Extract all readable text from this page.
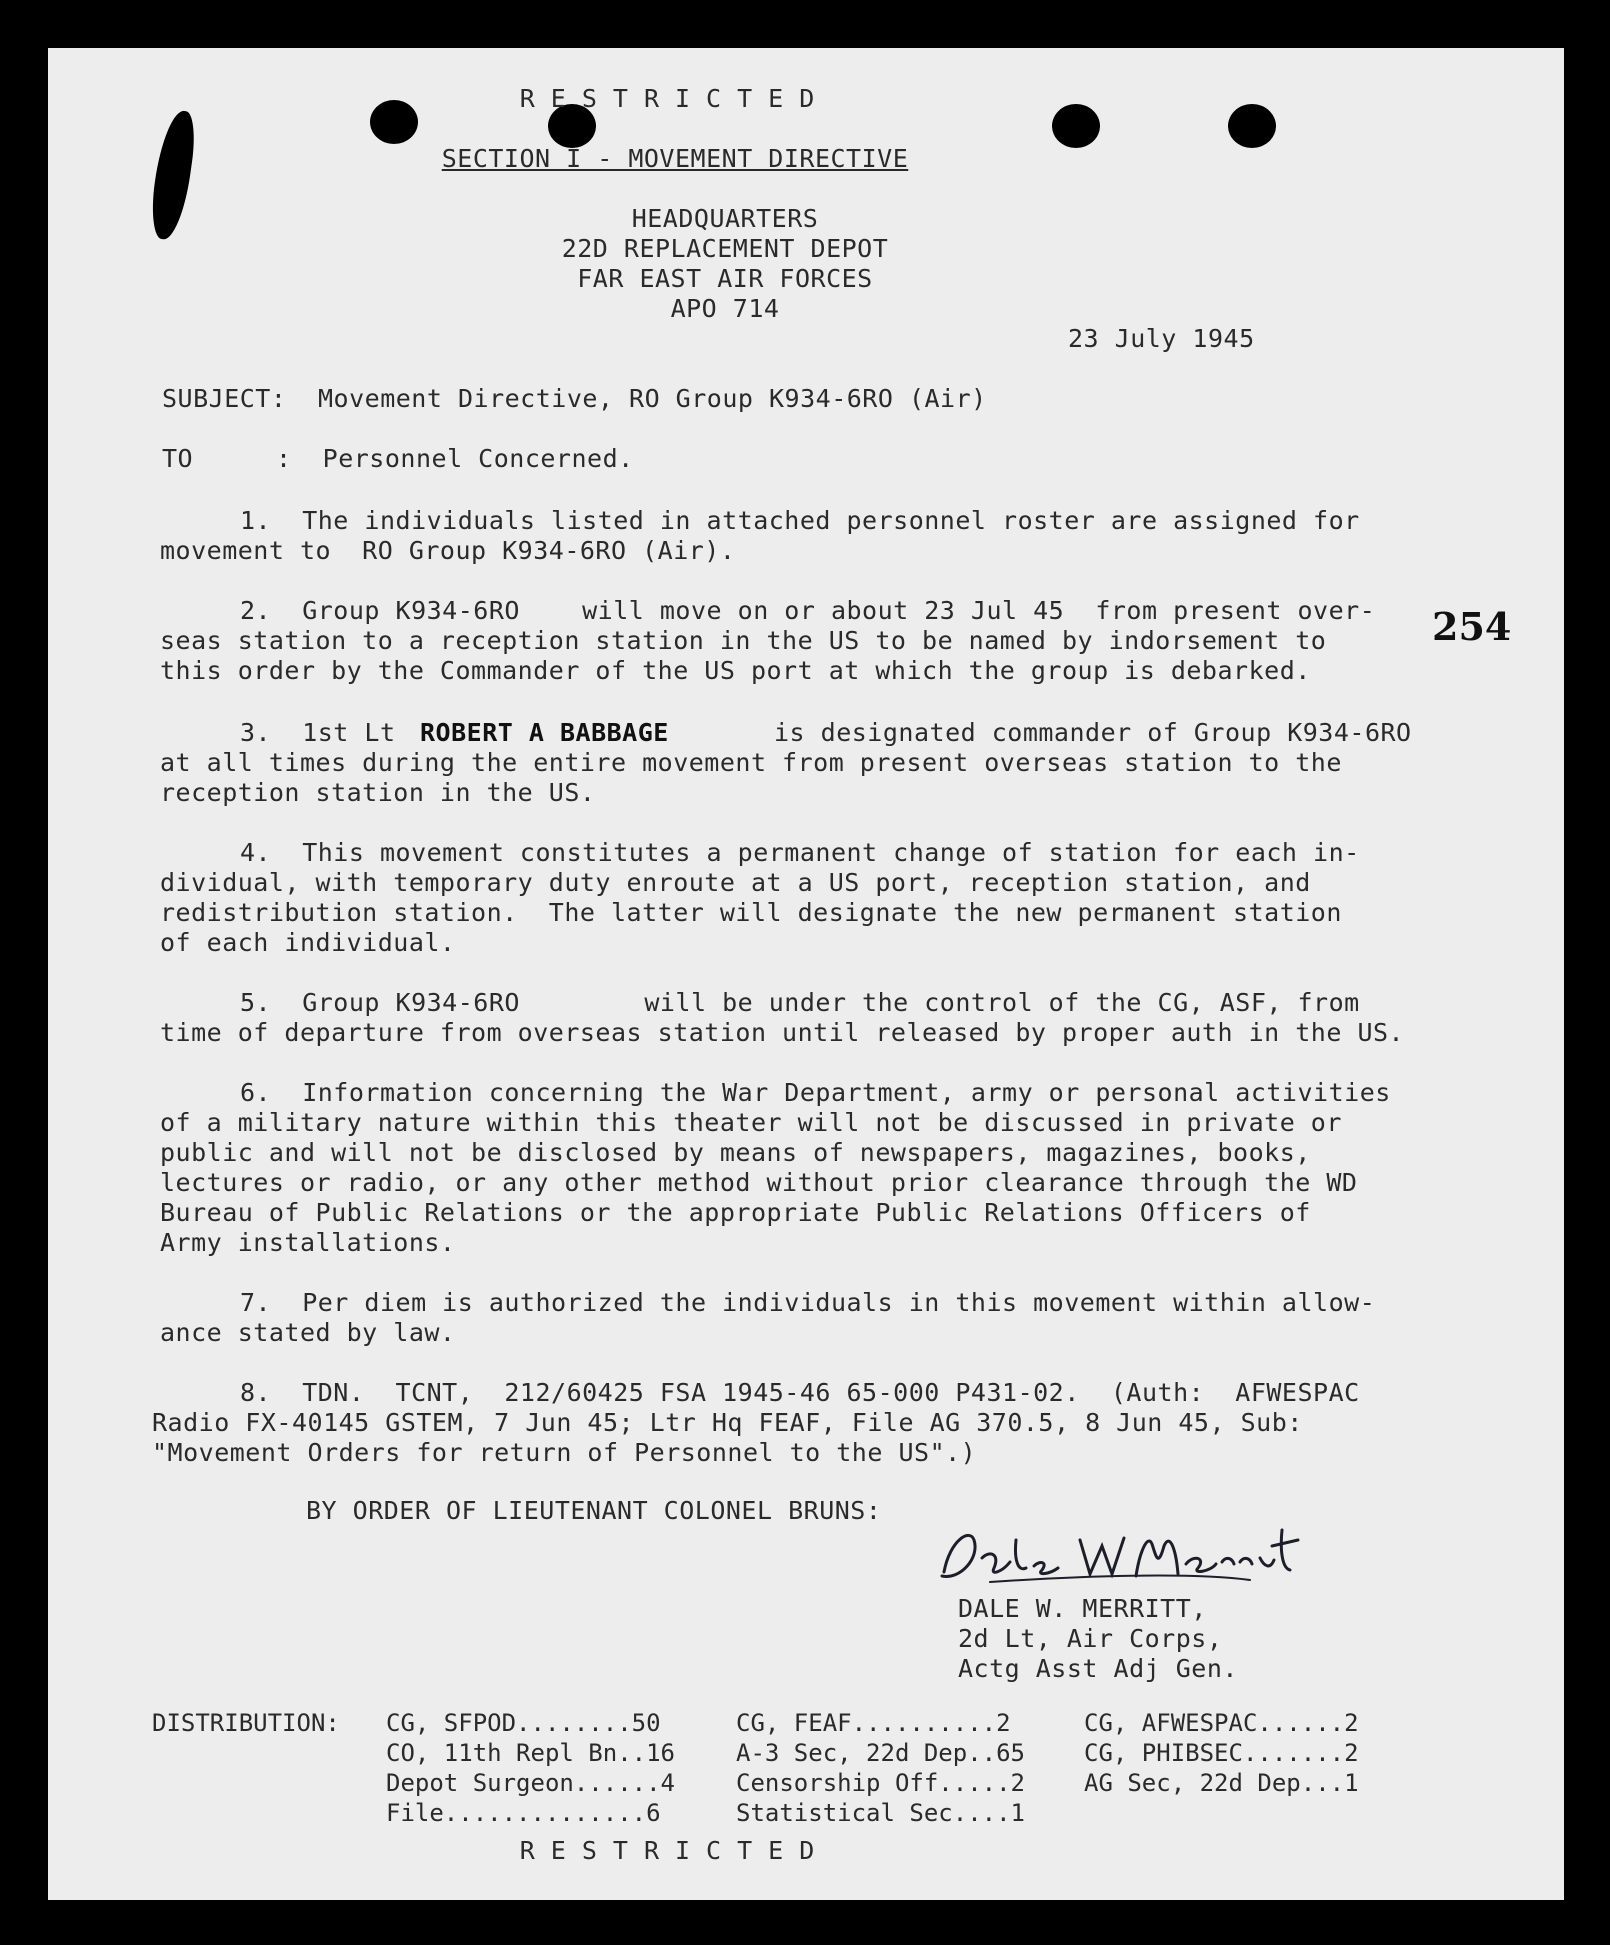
RESTRICTED
SECTION I - MOVEMENT DIRECTIVE
HEADQUARTERS
22D REPLACEMENT DEPOT
FAR EAST AIR FORCES
APO 714
23 July 1945
SUBJECT: Movement Directive, RO Group K934-6RO (Air)
TO	:  Personnel Concerned.
1.  The individuals listed in attached personnel roster are assigned for
movement to  RO Group K934-6RO (Air).
2.  Group K934-6RO    will move on or about 23 Jul 45  from present over-
seas station to a reception station in the US to be named by indorsement to
this order by the Commander of the US port at which the group is debarked.
254
3.  1st Lt ROBERT A BABBAGE	is designated commander of Group K934-6RO
at all times during the entire movement from present overseas station to the
reception station in the US.
4.  This movement constitutes a permanent change of station for each in-
dividual, with temporary duty enroute at a US port, reception station, and
redistribution station.  The latter will designate the new permanent station
of each individual.
5.  Group K934-6RO        will be under the control of the CG, ASF, from
time of departure from overseas station until released by proper auth in the US.
6.  Information concerning the War Department, army or personal activities
of a military nature within this theater will not be discussed in private or
public and will not be disclosed by means of newspapers, magazines, books,
lectures or radio, or any other method without prior clearance through the WD
Bureau of Public Relations or the appropriate Public Relations Officers of
Army installations.
7.  Per diem is authorized the individuals in this movement within allow-
ance stated by law.
8.  TDN.  TCNT,  212/60425 FSA 1945-46 65-000 P431-02.  (Auth:  AFWESPAC
Radio FX-40145 GSTEM, 7 Jun 45; Ltr Hq FEAF, File AG 370.5, 8 Jun 45, Sub:
"Movement Orders for return of Personnel to the US".)
BY ORDER OF LIEUTENANT COLONEL BRUNS:
DALE W. MERRITT,
2d Lt, Air Corps,
Actg Asst Adj Gen.
DISTRIBUTION: CG, SFPOD........50
CO, 11th Repl Bn..16
Depot Surgeon......4
File..............6
CG, FEAF..........2
A-3 Sec, 22d Dep..65
Censorship Off.....2
Statistical Sec....1
CG, AFWESPAC......2
CG, PHIBSEC.......2
AG Sec, 22d Dep...1
RESTRICTED
